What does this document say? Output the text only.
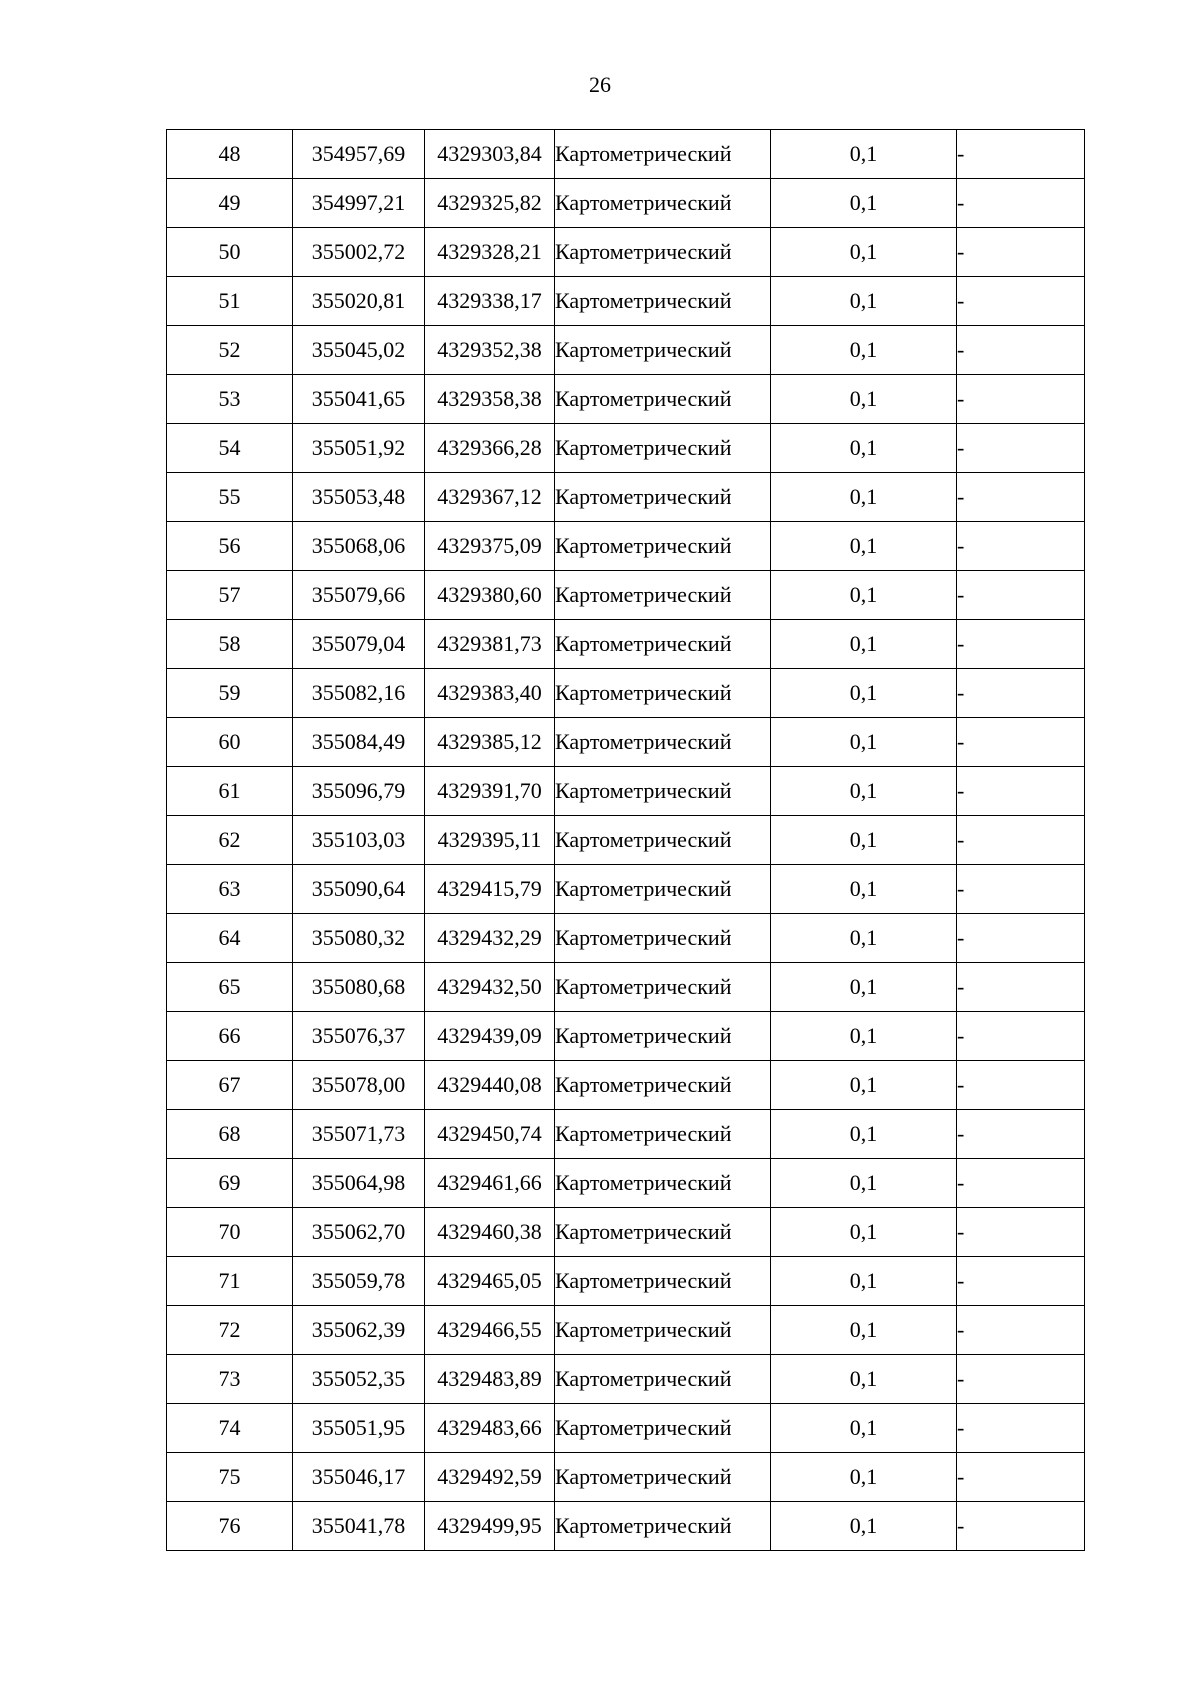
26
48	354957,69	4329303,84	Картометрический	0,1	-
49	354997,21	4329325,82	Картометрический	0,1	-
50	355002,72	4329328,21	Картометрический	0,1	-
51	355020,81	4329338,17	Картометрический	0,1	-
52	355045,02	4329352,38	Картометрический	0,1	-
53	355041,65	4329358,38	Картометрический	0,1	-
54	355051,92	4329366,28	Картометрический	0,1	-
55	355053,48	4329367,12	Картометрический	0,1	-
56	355068,06	4329375,09	Картометрический	0,1	-
57	355079,66	4329380,60	Картометрический	0,1	-
58	355079,04	4329381,73	Картометрический	0,1	-
59	355082,16	4329383,40	Картометрический	0,1	-
60	355084,49	4329385,12	Картометрический	0,1	-
61	355096,79	4329391,70	Картометрический	0,1	-
62	355103,03	4329395,11	Картометрический	0,1	-
63	355090,64	4329415,79	Картометрический	0,1	-
64	355080,32	4329432,29	Картометрический	0,1	-
65	355080,68	4329432,50	Картометрический	0,1	-
66	355076,37	4329439,09	Картометрический	0,1	-
67	355078,00	4329440,08	Картометрический	0,1	-
68	355071,73	4329450,74	Картометрический	0,1	-
69	355064,98	4329461,66	Картометрический	0,1	-
70	355062,70	4329460,38	Картометрический	0,1	-
71	355059,78	4329465,05	Картометрический	0,1	-
72	355062,39	4329466,55	Картометрический	0,1	-
73	355052,35	4329483,89	Картометрический	0,1	-
74	355051,95	4329483,66	Картометрический	0,1	-
75	355046,17	4329492,59	Картометрический	0,1	-
76	355041,78	4329499,95	Картометрический	0,1	-
